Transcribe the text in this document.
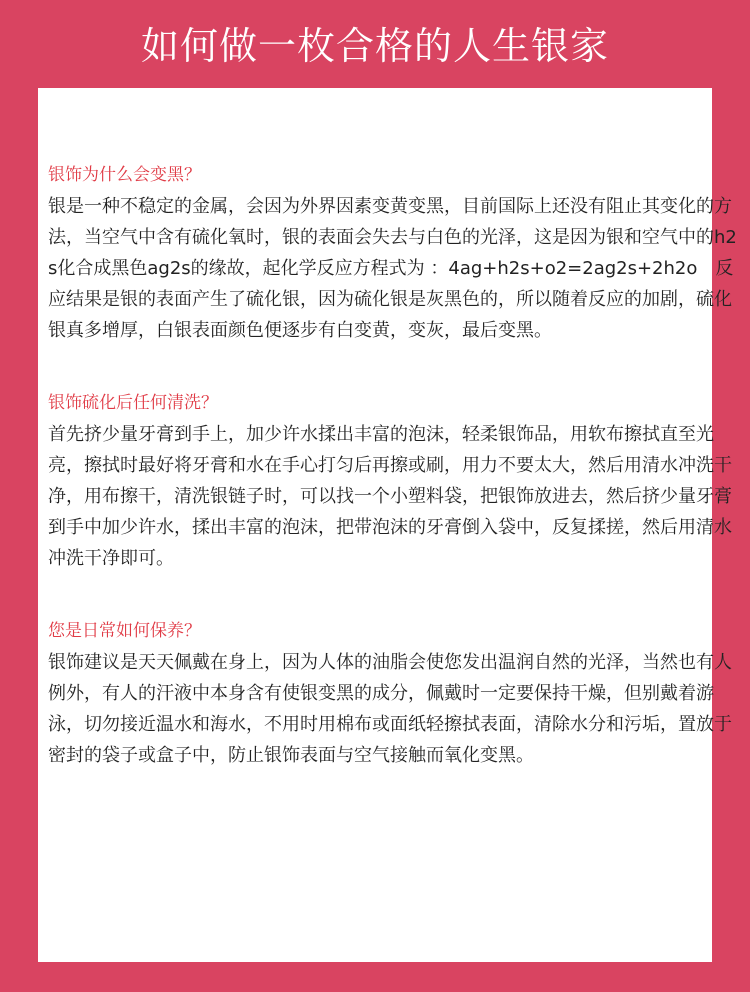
如何做一枚合格的人生银家
银饰为什么会变黑？
银是一种不稳定的金属，会因为外界因素变黄变黑，目前国际上还没有阻止其变化的方法，当空气中含有硫化氧时，银的表面会失去与白色的光泽，这是因为银和空气中的h2s化合成黑色ag2s的缘故，起化学反应方程式为 ：4ag+h2s+o2=2ag2s+2h2o　反应结果是银的表面产生了硫化银，因为硫化银是灰黑色的，所以随着反应的加剧，硫化银真多增厚，白银表面颜色便逐步有白变黄，变灰，最后变黑。
银饰硫化后任何清洗？
首先挤少量牙膏到手上，加少许水揉出丰富的泡沫，轻柔银饰品，用软布擦拭直至光亮，擦拭时最好将牙膏和水在手心打匀后再擦或刷，用力不要太大，然后用清水冲洗干净，用布擦干，清洗银链子时，可以找一个小塑料袋，把银饰放进去，然后挤少量牙膏到手中加少许水，揉出丰富的泡沫，把带泡沫的牙膏倒入袋中，反复揉搓，然后用清水冲洗干净即可。
您是日常如何保养？
银饰建议是天天佩戴在身上，因为人体的油脂会使您发出温润自然的光泽，当然也有人例外，有人的汗液中本身含有使银变黑的成分，佩戴时一定要保持干燥，但别戴着游泳，切勿接近温水和海水，不用时用棉布或面纸轻擦拭表面，清除水分和污垢，置放于密封的袋子或盒子中，防止银饰表面与空气接触而氧化变黑。
